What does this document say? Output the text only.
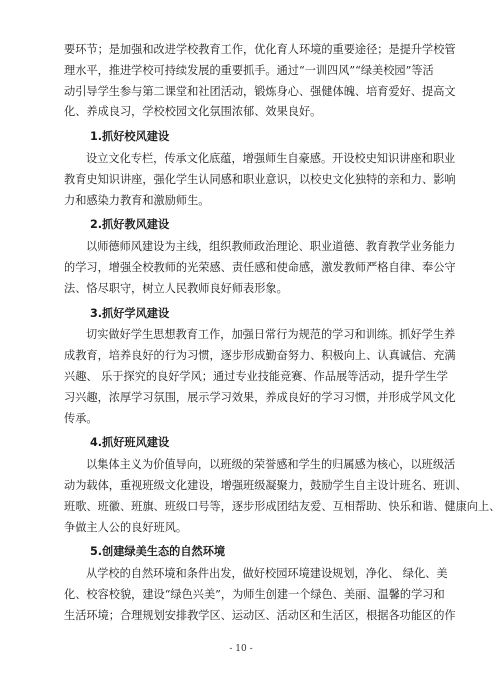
要环节；是加强和改进学校教育工作，优化育人环境的重要途径；是提升学校管
理水平，推进学校可持续发展的重要抓手。通过“一训四风”“绿美校园”等活
动引导学生参与第二课堂和社团活动，锻炼身心、强健体魄、培育爱好、提高文
化、养成良习，学校校园文化氛围浓郁、效果良好。

1.抓好校风建设

设立文化专栏，传承文化底蕴，增强师生自豪感。开设校史知识讲座和职业
教育史知识讲座，强化学生认同感和职业意识，以校史文化独特的亲和力、影响
力和感染力教育和激励师生。

2.抓好教风建设

以师德师风建设为主线，组织教师政治理论、职业道德、教育教学业务能力
的学习，增强全校教师的光荣感、责任感和使命感，激发教师严格自律、奉公守
法、恪尽职守，树立人民教师良好师表形象。

3.抓好学风建设

切实做好学生思想教育工作，加强日常行为规范的学习和训练。抓好学生养
成教育，培养良好的行为习惯，逐步形成勤奋努力、积极向上、认真诚信、充满
兴趣、 乐于探究的良好学风；通过专业技能竞赛、作品展等活动，提升学生学
习兴趣，浓厚学习氛围，展示学习效果，养成良好的学习习惯，并形成学风文化
传承。

4.抓好班风建设

以集体主义为价值导向，以班级的荣誉感和学生的归属感为核心，以班级活
动为载体，重视班级文化建设，增强班级凝聚力，鼓励学生自主设计班名、班训、
班歌、班徽、班旗、班级口号等，逐步形成团结友爱、互相帮助、快乐和谐、健康向上、
争做主人公的良好班风。

5.创建绿美生态的自然环境

从学校的自然环境和条件出发，做好校园环境建设规划，净化、 绿化、美
化、校容校貌，建设“绿色兴美”，为师生创建一个绿色、美丽、温馨的学习和
生活环境；合理规划安排教学区、运动区、活动区和生活区，根据各功能区的作

- 10 -
